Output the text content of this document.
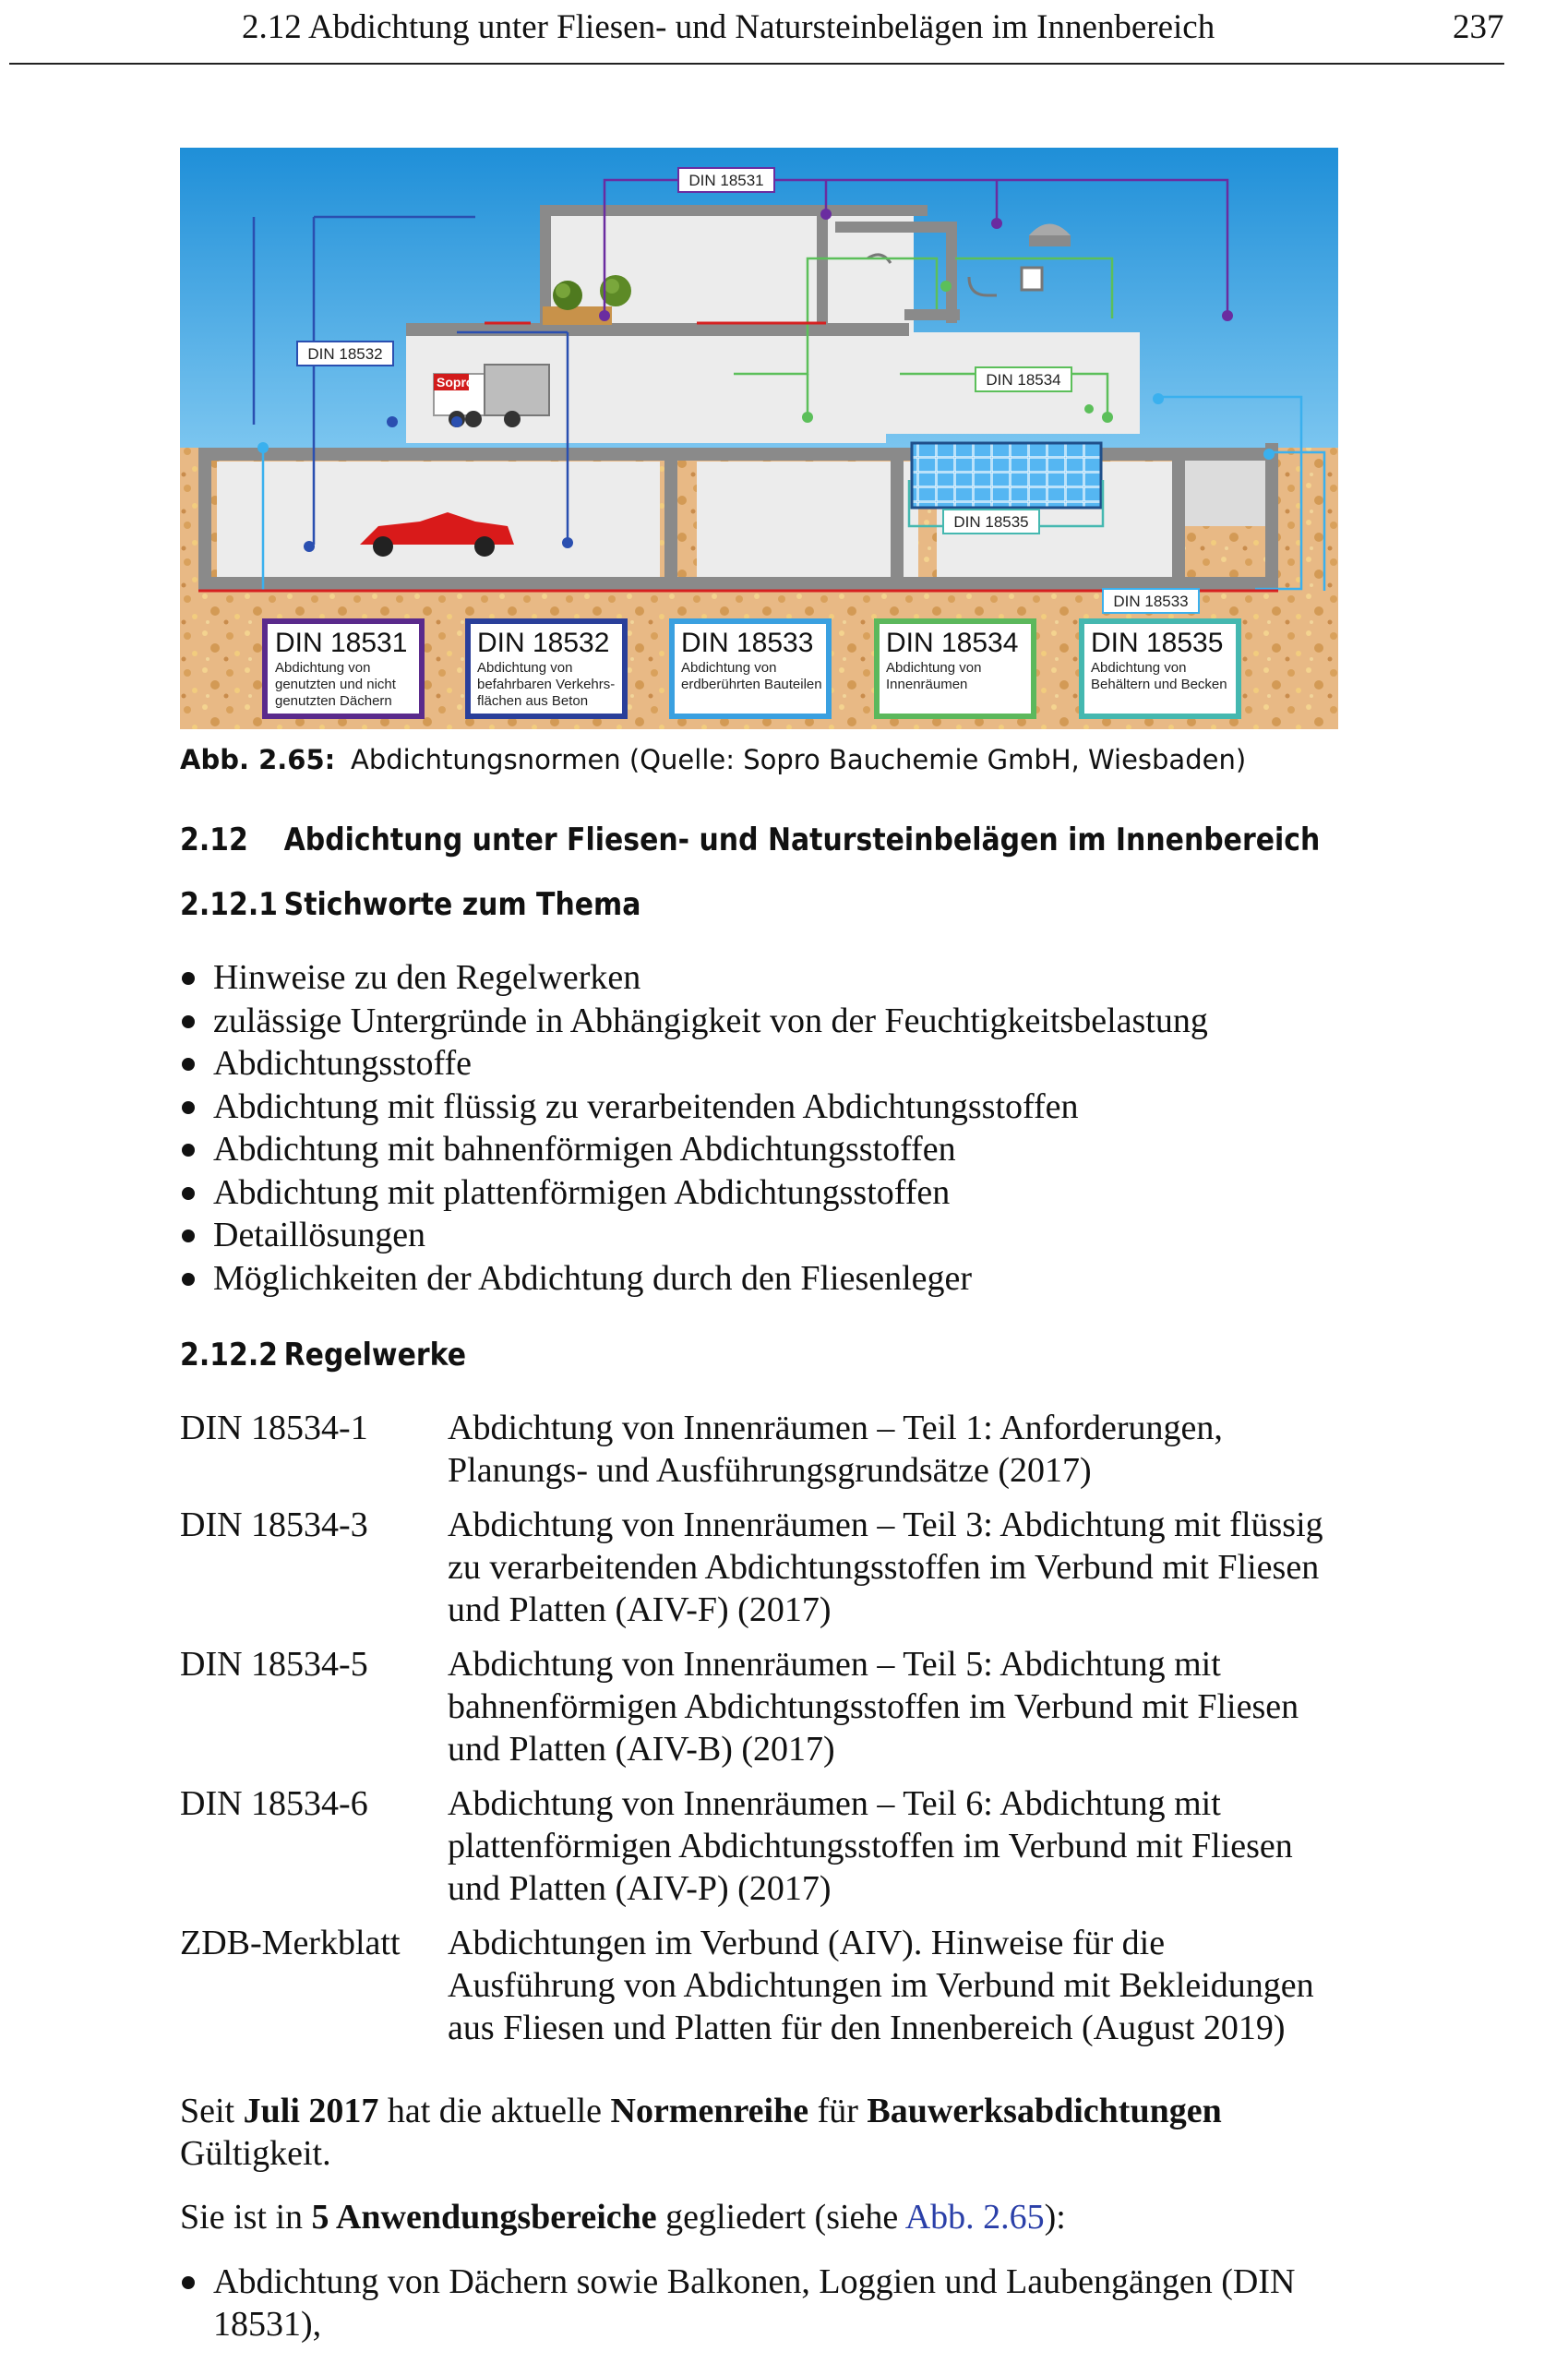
2.12 Abdichtung unter Fliesen- und Natursteinbelägen im Innenbereich	237
Sopro
DIN 18531
DIN 18532
DIN 18534
DIN 18535
DIN 18533
DIN 18531
Abdichtung von
genutzten und nicht
genutzten Dächern
DIN 18532
Abdichtung von
befahrbaren Verkehrs-
flächen aus Beton
DIN 18533
Abdichtung von
erdberührten Bauteilen
DIN 18534
Abdichtung von
Innenräumen
DIN 18535
Abdichtung von
Behältern und Becken
Abb. 2.65: Abdichtungsnormen (Quelle: Sopro Bauchemie GmbH, Wiesbaden)
2.12 Abdichtung unter Fliesen- und Natursteinbelägen im Innenbereich
2.12.1 Stichworte zum Thema
Hinweise zu den Regelwerken
zulässige Untergründe in Abhängigkeit von der Feuchtigkeitsbelastung
Abdichtungsstoffe
Abdichtung mit flüssig zu verarbeitenden Abdichtungsstoffen
Abdichtung mit bahnenförmigen Abdichtungsstoffen
Abdichtung mit plattenförmigen Abdichtungsstoffen
Detaillösungen
Möglichkeiten der Abdichtung durch den Fliesenleger
2.12.2 Regelwerke
DIN 18534-1	Abdichtung von Innenräumen – Teil 1: Anforderungen, Planungs- und Ausführungsgrundsätze (2017)
DIN 18534-3	Abdichtung von Innenräumen – Teil 3: Abdichtung mit flüssig zu verarbeitenden Abdichtungsstoffen im Verbund mit Fliesen und Platten (AIV-F) (2017)
DIN 18534-5	Abdichtung von Innenräumen – Teil 5: Abdichtung mit bahnenförmigen Abdichtungsstoffen im Verbund mit Fliesen und Platten (AIV-B) (2017)
DIN 18534-6	Abdichtung von Innenräumen – Teil 6: Abdichtung mit plattenförmigen Abdichtungsstoffen im Verbund mit Fliesen und Platten (AIV-P) (2017)
ZDB-Merkblatt	Abdichtungen im Verbund (AIV). Hinweise für die Ausführung von Abdichtungen im Verbund mit Bekleidungen aus Fliesen und Platten für den Innenbereich (August 2019)
Seit Juli 2017 hat die aktuelle Normenreihe für Bauwerksabdichtungen Gültigkeit.
Sie ist in 5 Anwendungsbereiche gegliedert (siehe Abb. 2.65):
Abdichtung von Dächern sowie Balkonen, Loggien und Laubengängen (DIN 18531),
